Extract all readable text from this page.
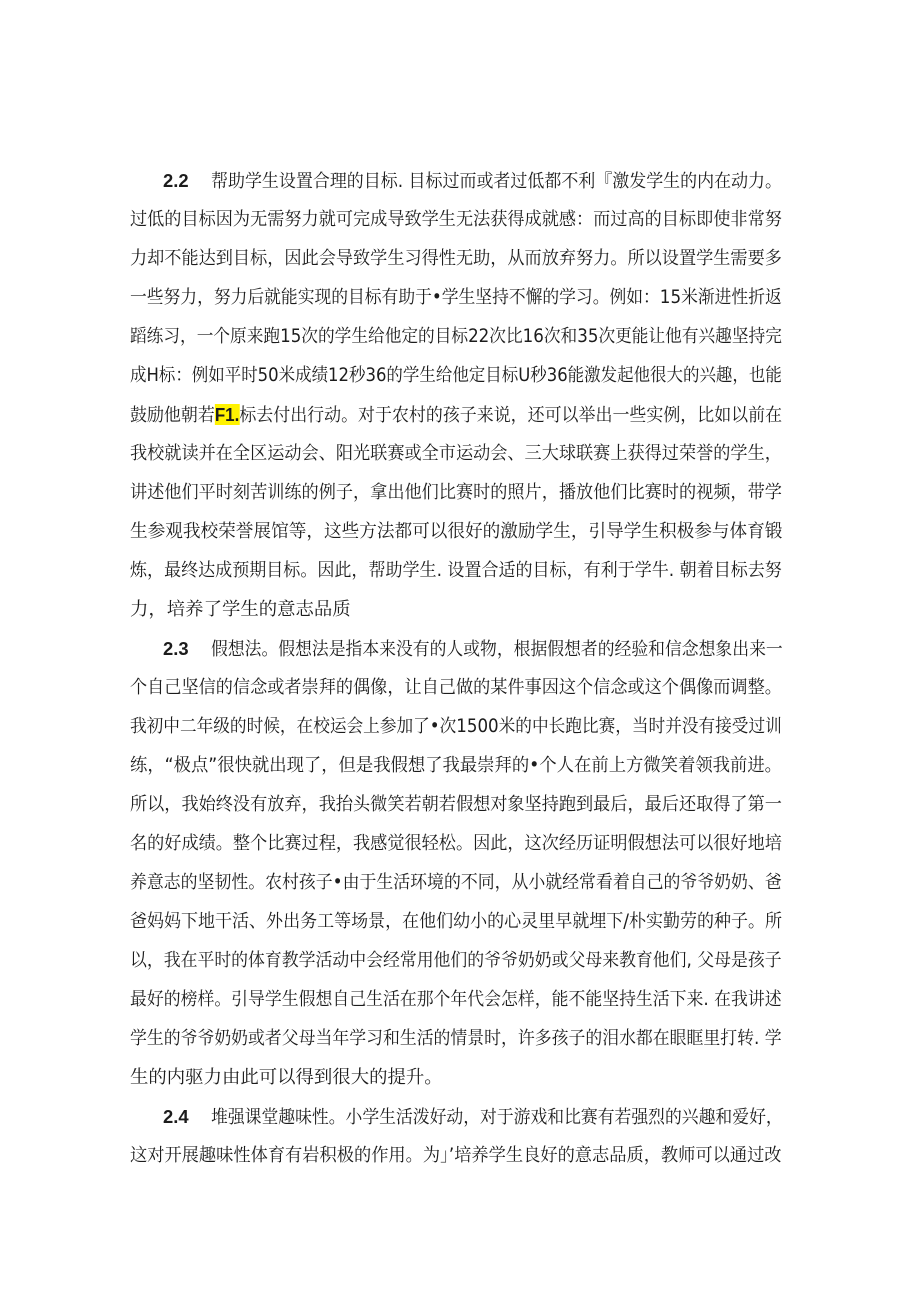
2.2 帮助学生设置合理的目标. 目标过而或者过低都不利『激发学生的内在动力。
过低的目标因为无需努力就可完成导致学生无法获得成就感：而过高的目标即使非常努
力却不能达到目标，因此会导致学生习得性无助，从而放弃努力。所以设置学生需要多
一些努力，努力后就能实现的目标有助于•学生坚持不懈的学习。例如：15米渐进性折返
蹈练习，一个原来跑15次的学生给他定的目标22次比16次和35次更能让他有兴趣坚持完
成H标：例如平时50米成绩12秒36的学生给他定目标U秒36能激发起他很大的兴趣，也能
鼓励他朝若F1.标去付出行动。对于农村的孩子来说，还可以举出一些实例，比如以前在
我校就读并在全区运动会、阳光联赛或全市运动会、三大球联赛上获得过荣誉的学生，
讲述他们平时刻苦训练的例子，拿出他们比赛时的照片，播放他们比赛时的视频，带学
生参观我校荣誉展馆等，这些方法都可以很好的激励学生，引导学生积极参与体育锻
炼，最终达成预期目标。因此，帮助学生. 设置合适的目标，有利于学牛. 朝着目标去努
力，培养了学生的意志品质
2.3 假想法。假想法是指本来没有的人或物，根据假想者的经验和信念想象出来一
个自己坚信的信念或者崇拜的偶像，让自己做的某件事因这个信念或这个偶像而调整。
我初中二年级的时候，在校运会上参加了•次1500米的中长跑比赛，当时并没有接受过训
练，“极点”很快就出现了，但是我假想了我最崇拜的•个人在前上方微笑着领我前进。
所以，我始终没有放弃，我抬头微笑若朝若假想对象坚持跑到最后，最后还取得了第一
名的好成绩。整个比赛过程，我感觉很轻松。因此，这次经历证明假想法可以很好地培
养意志的坚韧性。农村孩子•由于生活环境的不同，从小就经常看着自己的爷爷奶奶、爸
爸妈妈下地干活、外出务工等场景，在他们幼小的心灵里早就埋下/朴实勤劳的种子。所
以，我在平时的体育教学活动中会经常用他们的爷爷奶奶或父母来教育他们, 父母是孩子
最好的榜样。引导学生假想自己生活在那个年代会怎样，能不能坚持生活下来. 在我讲述
学生的爷爷奶奶或者父母当年学习和生活的情景时，许多孩子的泪水都在眼眶里打转. 学
生的内驱力由此可以得到很大的提升。
2.4 堆强课堂趣味性。小学生活泼好动，对于游戏和比赛有若强烈的兴趣和爱好，
这对开展趣味性体育有岩积极的作用。为」’培养学生良好的意志品质，教师可以通过改
